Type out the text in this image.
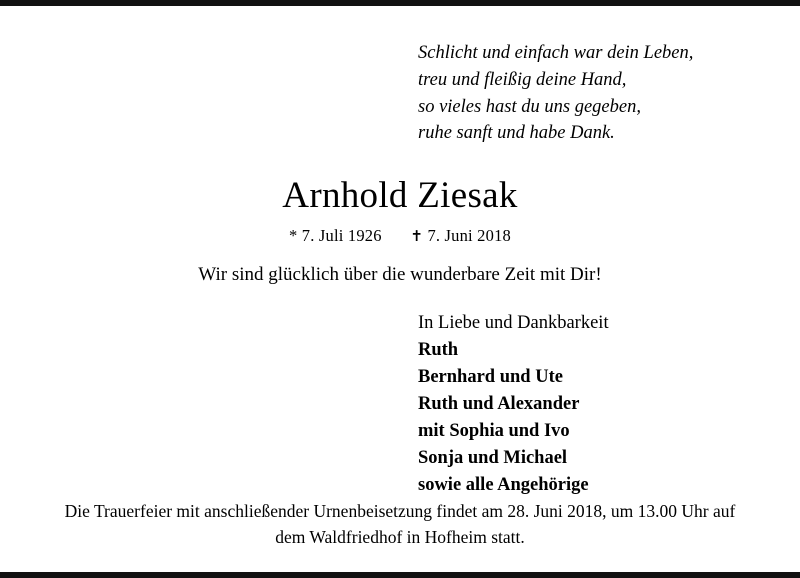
Schlicht und einfach war dein Leben,
treu und fleißig deine Hand,
so vieles hast du uns gegeben,
ruhe sanft und habe Dank.
Arnhold Ziesak
* 7. Juli 1926 ✝ 7. Juni 2018
Wir sind glücklich über die wunderbare Zeit mit Dir!
In Liebe und Dankbarkeit
Ruth
Bernhard und Ute
Ruth und Alexander
mit Sophia und Ivo
Sonja und Michael
sowie alle Angehörige
Die Trauerfeier mit anschließender Urnenbeisetzung findet am 28. Juni 2018, um 13.00 Uhr auf
dem Waldfriedhof in Hofheim statt.
